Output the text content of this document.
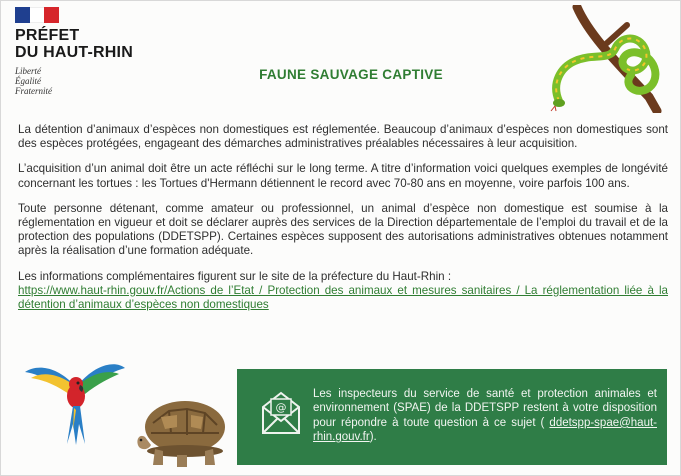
PRÉFET
DU HAUT-RHIN
Liberté
Égalité
Fraternité
FAUNE SAUVAGE CAPTIVE

La détention d’animaux d’espèces non domestiques est réglementée. Beaucoup d’animaux d’espèces non domestiques sont des espèces protégées, engageant des démarches administratives préalables nécessaires à leur acquisition.

L’acquisition d’un animal doit être un acte réfléchi sur le long terme. A titre d’information voici quelques exemples de longévité concernant les tortues : les Tortues d'Hermann détiennent le record avec 70-80 ans en moyenne, voire parfois 100 ans.

Toute personne détenant, comme amateur ou professionnel, un animal d’espèce non domestique est soumise à la réglementation en vigueur et doit se déclarer auprès des services de la Direction départementale de l’emploi du travail et de la protection des populations (DDETSPP). Certaines espèces supposent des autorisations administratives obtenues notamment après la réalisation d’une formation adéquate.

Les informations complémentaires figurent sur le site de la préfecture du Haut-Rhin :
https://www.haut-rhin.gouv.fr/Actions de l’Etat / Protection des animaux et mesures sanitaires / La réglementation liée à la détention d’animaux d’espèces non domestiques

@
Les inspecteurs du service de santé et protection animales et environnement (SPAE) de la DDETSPP restent à votre disposition pour répondre à toute question à ce sujet ( ddetspp-spae@haut-rhin.gouv.fr).
